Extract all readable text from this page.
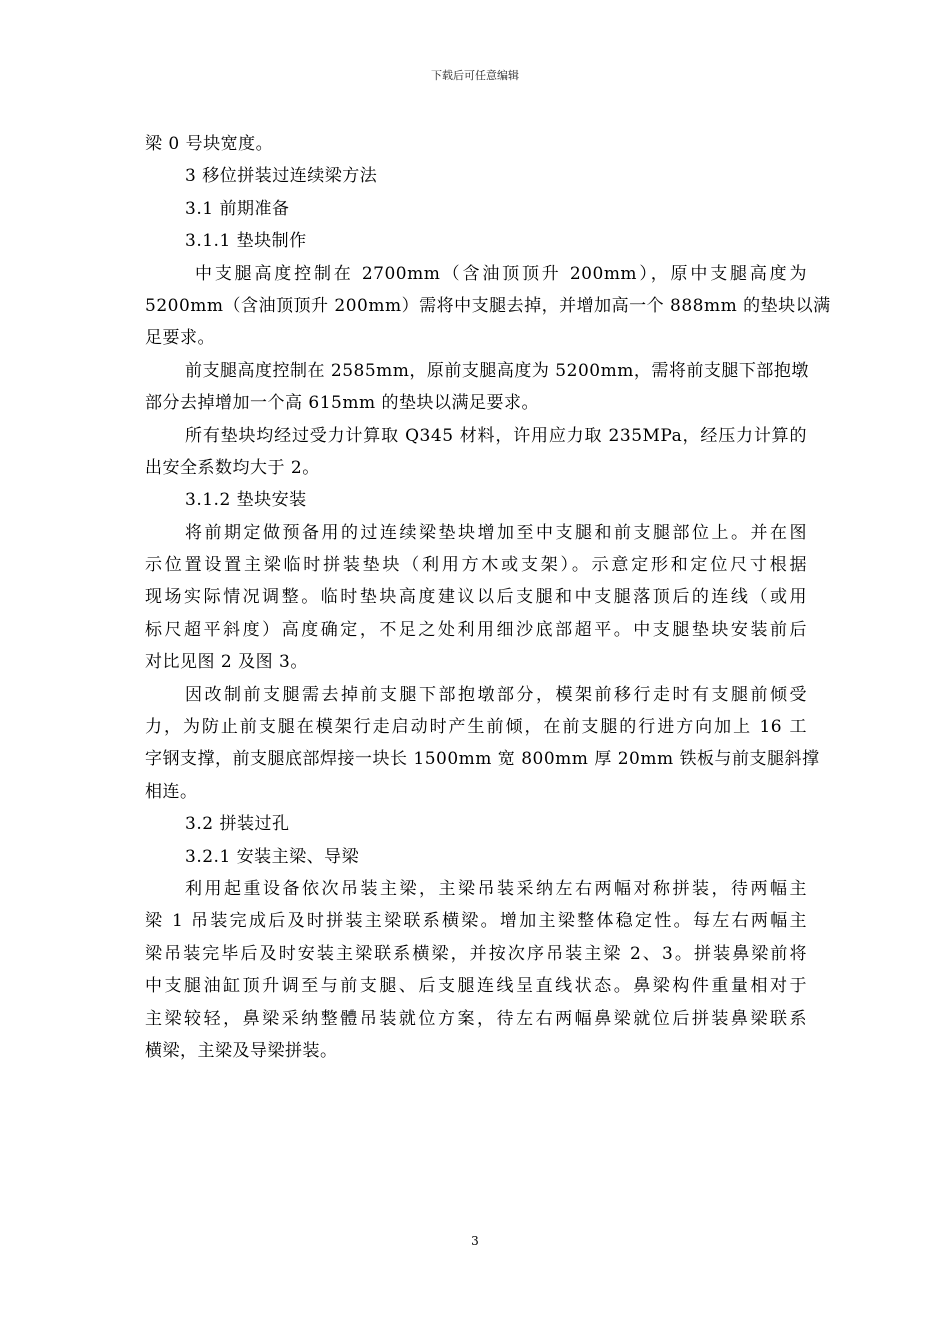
下载后可任意编辑
梁 0 号块宽度。
3 移位拼装过连续梁方法
3.1 前期准备
3.1.1 垫块制作
中支腿高度控制在 2700mm（含油顶顶升 200mm），原中支腿高度为
5200mm（含油顶顶升 200mm）需将中支腿去掉，并增加高一个 888mm 的垫块以满
足要求。
前支腿高度控制在 2585mm，原前支腿高度为 5200mm，需将前支腿下部抱墩
部分去掉增加一个高 615mm 的垫块以满足要求。
所有垫块均经过受力计算取 Q345 材料，许用应力取 235MPa，经压力计算的
出安全系数均大于 2。
3.1.2 垫块安装
将前期定做预备用的过连续梁垫块增加至中支腿和前支腿部位上。并在图
示位置设置主梁临时拼装垫块（利用方木或支架）。示意定形和定位尺寸根据
现场实际情况调整。临时垫块高度建议以后支腿和中支腿落顶后的连线（或用
标尺超平斜度）高度确定，不足之处利用细沙底部超平。中支腿垫块安装前后
对比见图 2 及图 3。
因改制前支腿需去掉前支腿下部抱墩部分，模架前移行走时有支腿前倾受
力，为防止前支腿在模架行走启动时产生前倾，在前支腿的行进方向加上 16 工
字钢支撑，前支腿底部焊接一块长 1500mm 宽 800mm 厚 20mm 铁板与前支腿斜撑
相连。
3.2 拼装过孔
3.2.1 安装主梁、导梁
利用起重设备依次吊装主梁，主梁吊装采纳左右两幅对称拼装，待两幅主
梁 1 吊装完成后及时拼装主梁联系横梁。增加主梁整体稳定性。每左右两幅主
梁吊装完毕后及时安装主梁联系横梁，并按次序吊装主梁 2、3。拼装鼻梁前将
中支腿油缸顶升调至与前支腿、后支腿连线呈直线状态。鼻梁构件重量相对于
主梁较轻，鼻梁采纳整體吊装就位方案，待左右两幅鼻梁就位后拼装鼻梁联系
横梁，主梁及导梁拼装。
3
